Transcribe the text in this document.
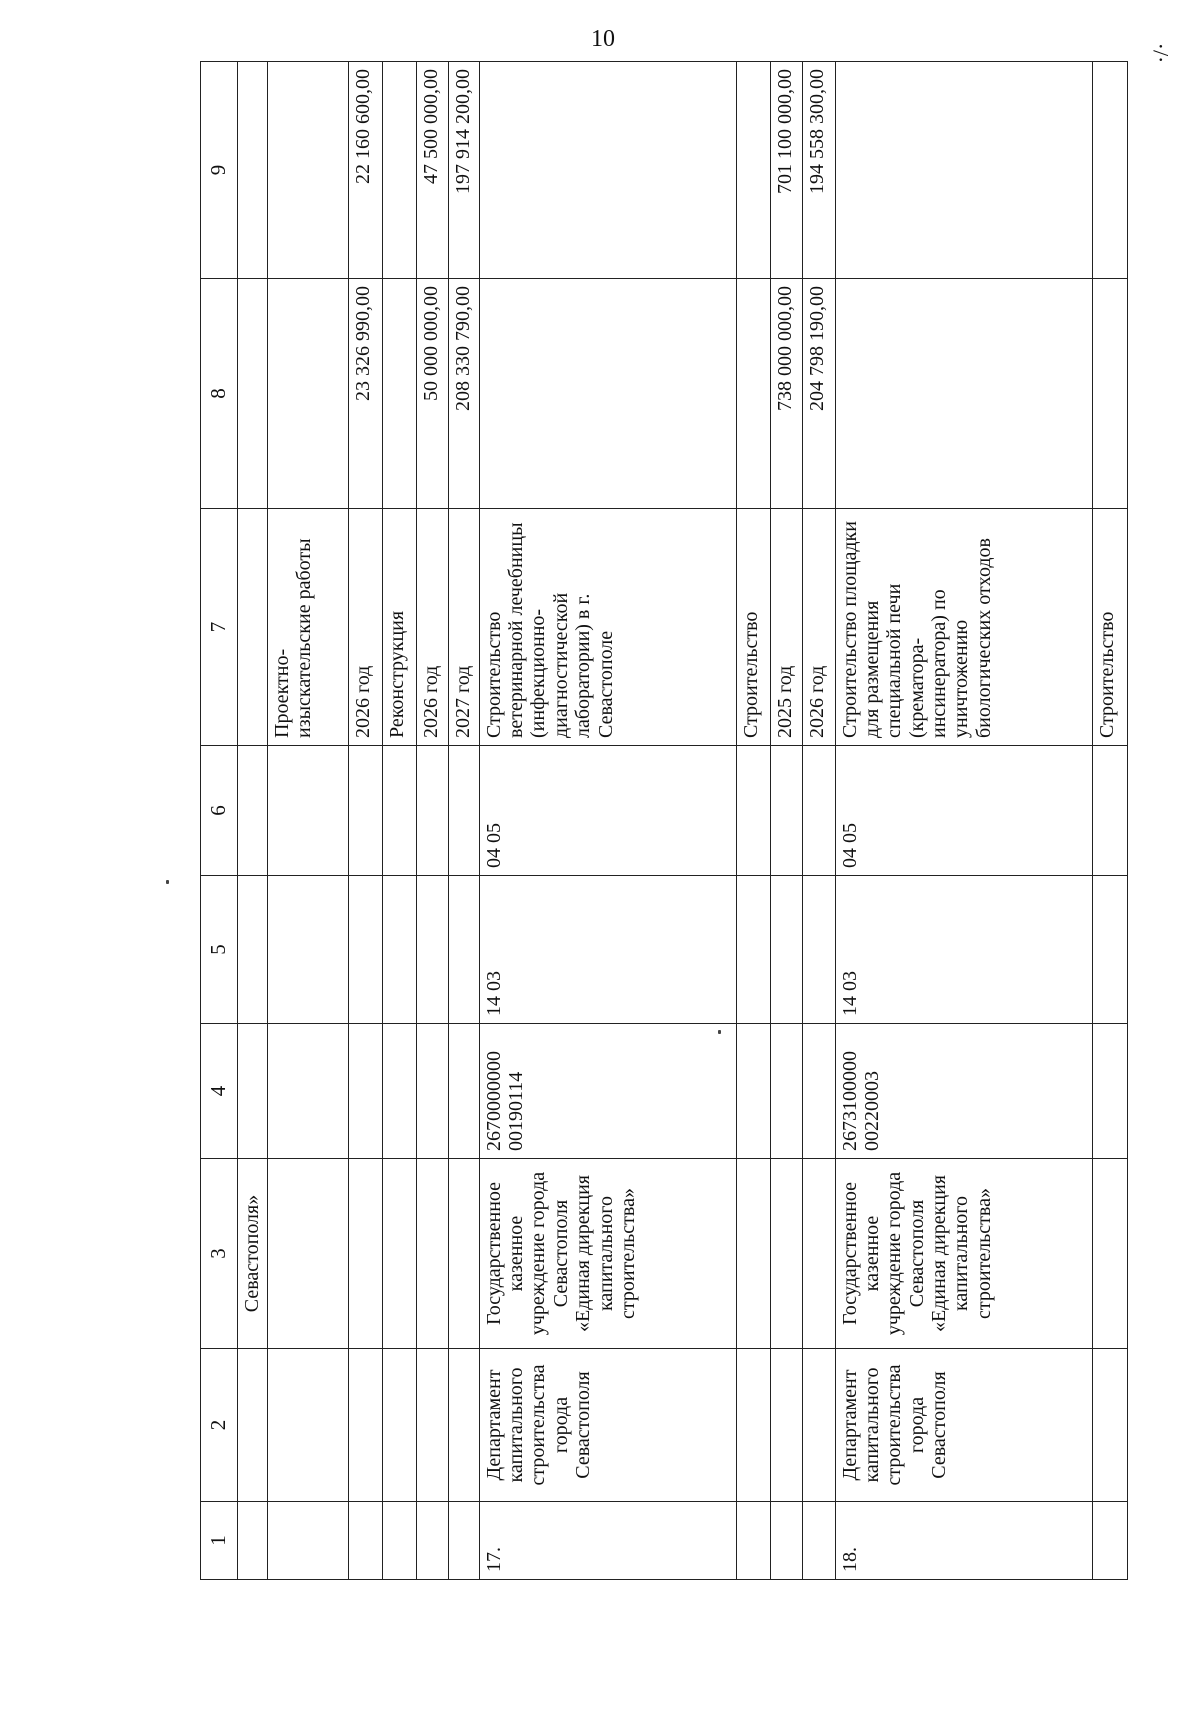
10
·/·
1	2	3	4	5	6	7	8	9
		Севастополя»						
						Проектно-изыскательские работы		
						2026 год	23 326 990,00	22 160 600,00
						Реконструкция		
						2026 год	50 000 000,00	47 500 000,00
						2027 год	208 330 790,00	197 914 200,00
17.	Департамент капитального строительства города Севастополя	Государственное казенное учреждение города Севастополя «Единая дирекция капитального строительства»	2670000000 00190114	14 03	04 05	Строительство ветеринарной лечебницы (инфекционно-диагностической лаборатории) в г. Севастополе		
						Строительство		
						2025 год	738 000 000,00	701 100 000,00
						2026 год	204 798 190,00	194 558 300,00
18.	Департамент капитального строительства города Севастополя	Государственное казенное учреждение города Севастополя «Единая дирекция капитального строительства»	2673100000 00220003	14 03	04 05	Строительство площадки для размещения специальной печи (крематора-инсинератора) по уничтожению биологических отходов		
						Строительство		
